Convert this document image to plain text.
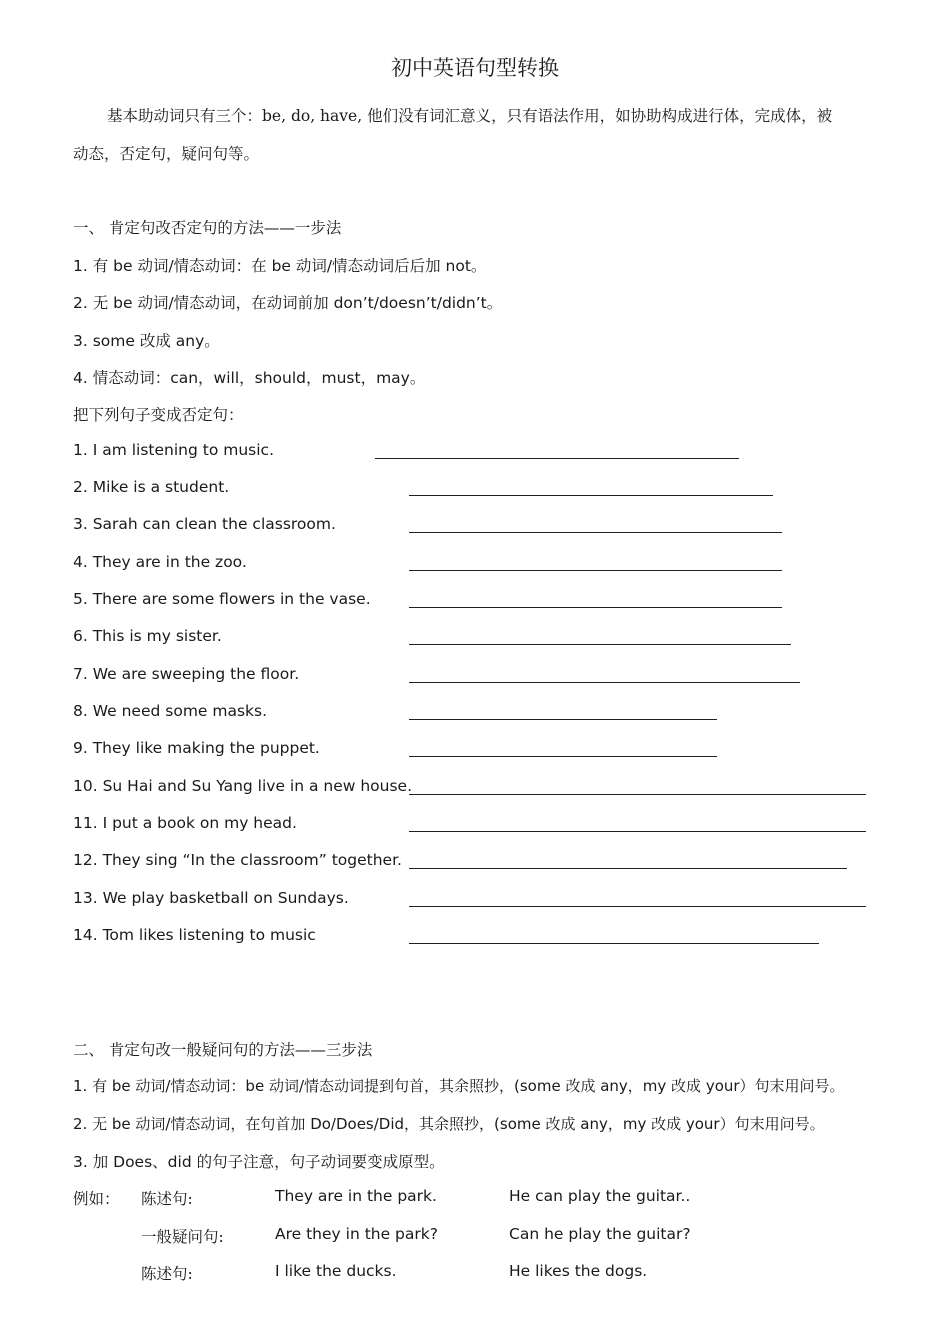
初中英语句型转换
基本助动词只有三个：be, do, have, 他们没有词汇意义，只有语法作用，如协助构成进行体，完成体，被
动态，否定句，疑问句等。
一、 肯定句改否定句的方法——一步法
1. 有 be 动词/情态动词：在 be 动词/情态动词后后加 not。
2. 无 be 动词/情态动词，在动词前加 don’t/doesn’t/didn’t。
3. some 改成 any。
4. 情态动词：can，will，should，must，may。
把下列句子变成否定句：
1. I am listening to music.
2. Mike is a student.
3. Sarah can clean the classroom.
4. They are in the zoo.
5. There are some flowers in the vase.
6. This is my sister.
7. We are sweeping the floor.
8. We need some masks.
9. They like making the puppet.
10. Su Hai and Su Yang live in a new house.
11. I put a book on my head.
12. They sing “In the classroom” together.
13. We play basketball on Sundays.
14. Tom likes listening to music
二、 肯定句改一般疑问句的方法——三步法
1. 有 be 动词/情态动词：be 动词/情态动词提到句首，其余照抄，(some 改成 any，my 改成 your）句末用问号。
2. 无 be 动词/情态动词，在句首加 Do/Does/Did，其余照抄，(some 改成 any，my 改成 your）句末用问号。
3. 加 Does、did 的句子注意，句子动词要变成原型。
例如： 陈述句:	They are in the park.	He can play the guitar..
一般疑问句:	Are they in the park?	Can he play the guitar?
陈述句:	I like the ducks.	He likes the dogs.
